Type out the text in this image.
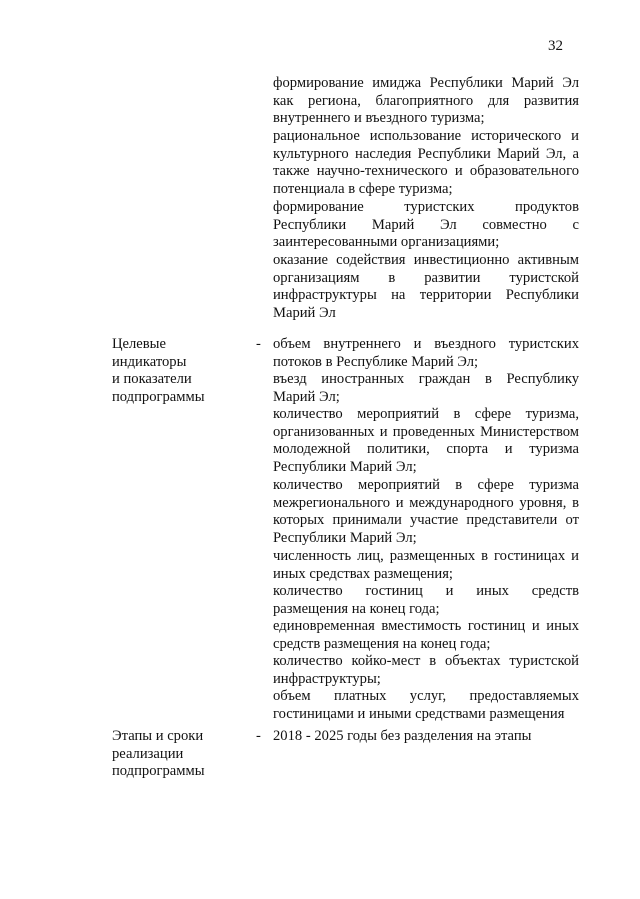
32

формирование имиджа Республики Марий Эл как региона, благоприятного для развития внутреннего и въездного туризма;

рациональное использование исторического и культурного наследия Республики Марий Эл, а также научно-технического и образовательного потенциала в сфере туризма;

формирование туристских продуктов Республики Марий Эл совместно с заинтересованными организациями;

оказание содействия инвестиционно активным организациям в развитии туристской инфраструктуры на территории Республики Марий Эл

Целевые
индикаторы
и показатели
подпрограммы
- объем внутреннего и въездного туристских потоков в Республике Марий Эл;

въезд иностранных граждан в Республику Марий Эл;

количество мероприятий в сфере туризма, организованных и проведенных Министерством молодежной политики, спорта и туризма Республики Марий Эл;

количество мероприятий в сфере туризма межрегионального и международного уровня, в которых принимали участие представители от Республики Марий Эл;

численность лиц, размещенных в гостиницах и иных средствах размещения;

количество гостиниц и иных средств размещения на конец года;

единовременная вместимость гостиниц и иных средств размещения на конец года;

количество койко-мест в объектах туристской инфраструктуры;

объем платных услуг, предоставляемых гостиницами и иными средствами размещения

Этапы и сроки
реализации
подпрограммы
- 2018 - 2025 годы без разделения на этапы
